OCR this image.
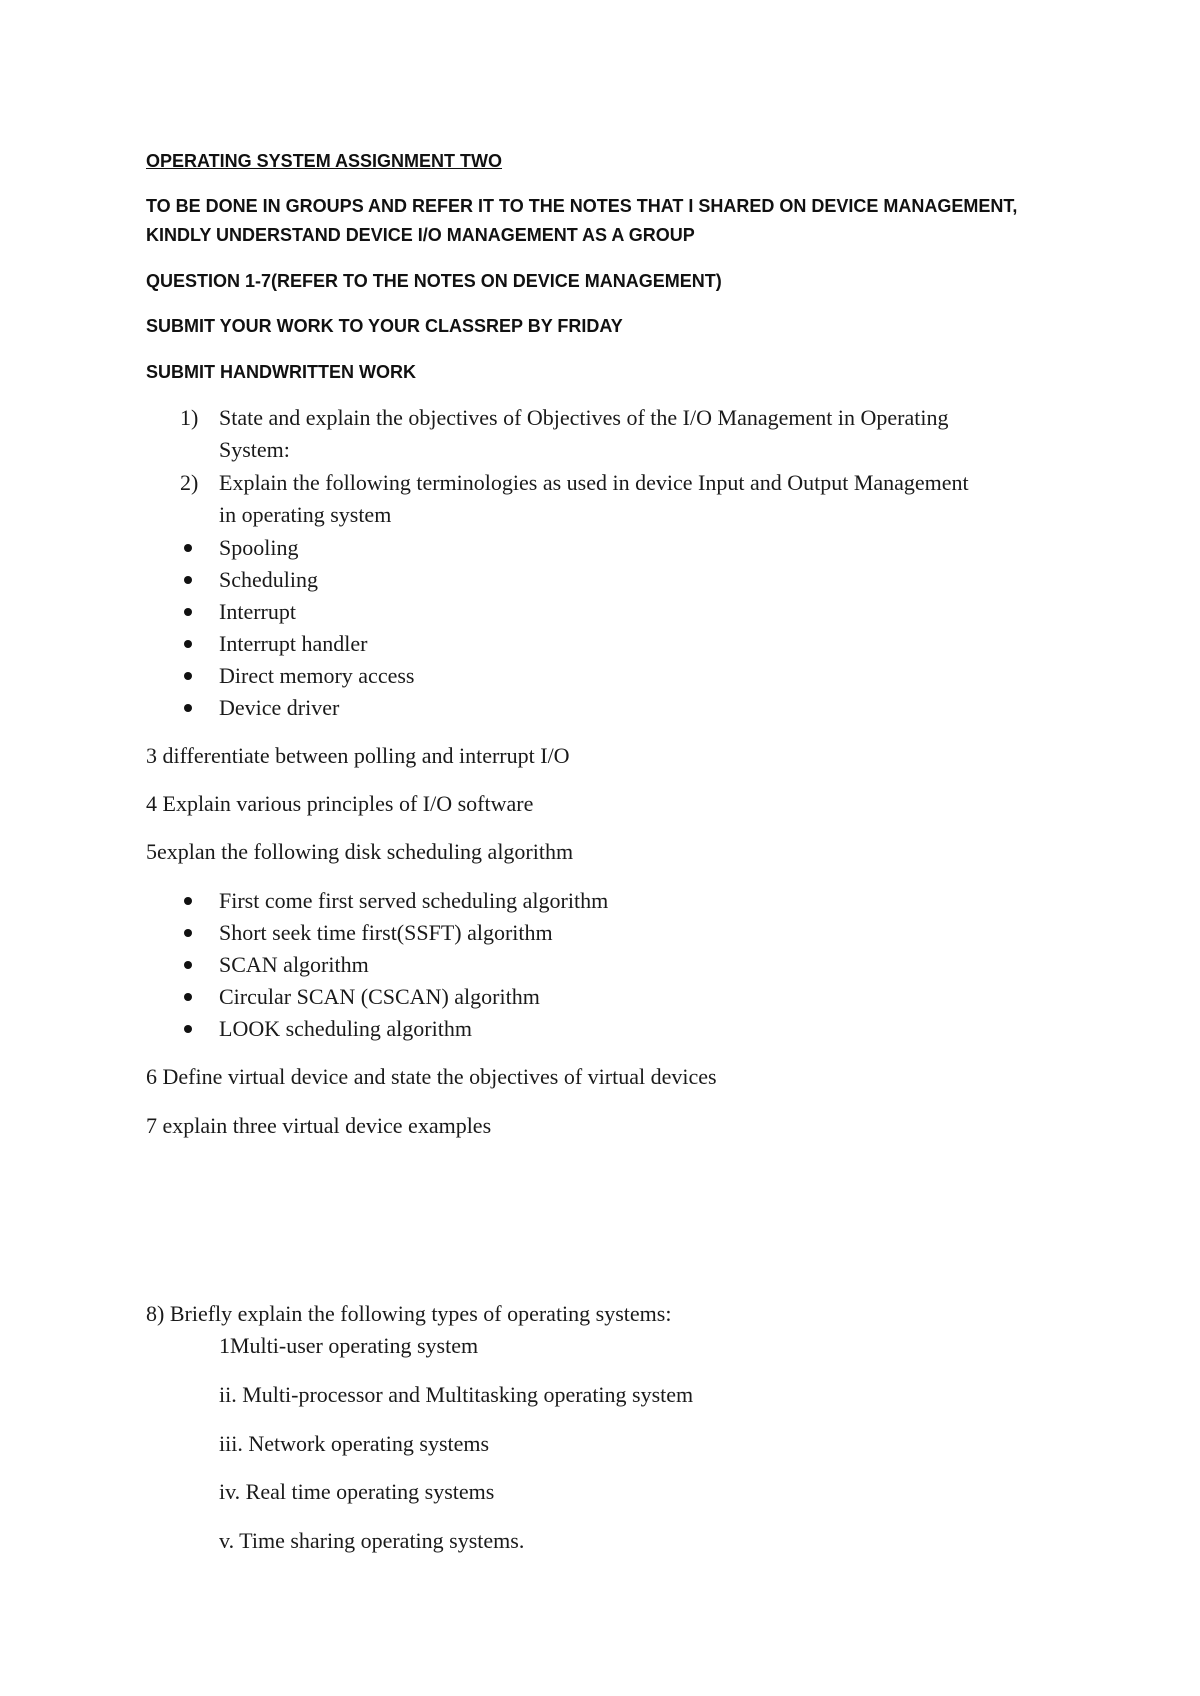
OPERATING SYSTEM ASSIGNMENT TWO
TO BE DONE IN GROUPS AND REFER IT TO THE NOTES THAT I SHARED ON DEVICE MANAGEMENT,
KINDLY UNDERSTAND DEVICE I/O MANAGEMENT AS A GROUP
QUESTION 1-7(REFER TO THE NOTES ON DEVICE MANAGEMENT)
SUBMIT YOUR WORK TO YOUR CLASSREP BY FRIDAY
SUBMIT HANDWRITTEN WORK
1) State and explain the objectives of Objectives of the I/O Management in Operating
System:
2) Explain the following terminologies as used in device Input and Output Management
in operating system
Spooling
Scheduling
Interrupt
Interrupt handler
Direct memory access
Device driver
3 differentiate between polling and interrupt I/O
4 Explain various principles of I/O software
5explan the following disk scheduling algorithm
First come first served scheduling algorithm
Short seek time first(SSFT) algorithm
SCAN algorithm
Circular SCAN (CSCAN) algorithm
LOOK scheduling algorithm
6 Define virtual device and state the objectives of virtual devices
7 explain three virtual device examples
8) Briefly explain the following types of operating systems:
1Multi-user operating system
ii. Multi-processor and Multitasking operating system
iii. Network operating systems
iv. Real time operating systems
v. Time sharing operating systems.
